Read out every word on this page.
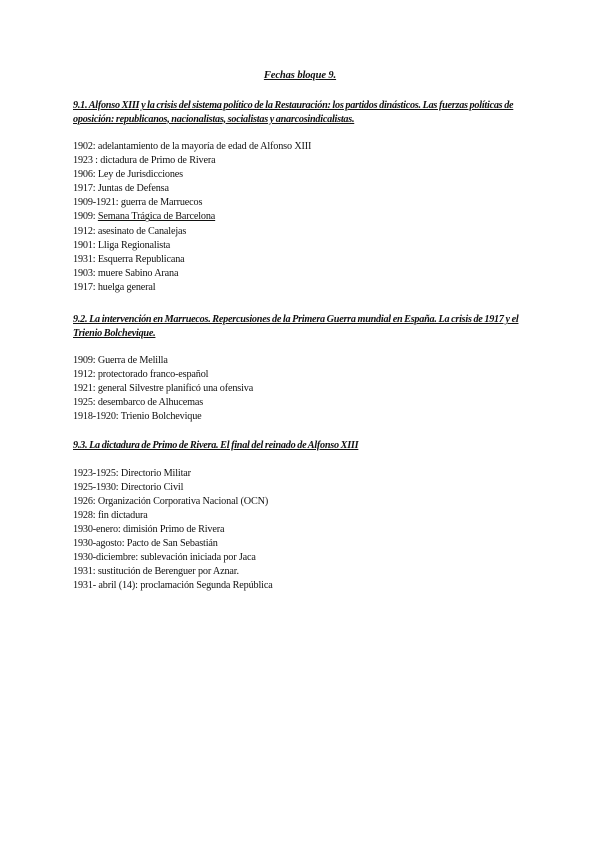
Fechas bloque 9.
9.1. Alfonso XIII y la crisis del sistema político de la Restauración: los partidos dinásticos. Las fuerzas políticas de oposición: republicanos, nacionalistas, socialistas y anarcosindicalistas.
1902: adelantamiento de la mayoría de edad de Alfonso XIII
1923 : dictadura de Primo de Rivera
1906: Ley de Jurisdicciones
1917: Juntas de Defensa
1909-1921: guerra de Marruecos
1909: Semana Trágica de Barcelona
1912: asesinato de Canalejas
1901: Lliga Regionalista
1931: Esquerra Republicana
1903: muere Sabino Arana
1917: huelga general
9.2. La intervención en Marruecos. Repercusiones de la Primera Guerra mundial en España. La crisis de 1917 y el Trienio Bolchevique.
1909: Guerra de Melilla
1912: protectorado franco-español
1921: general Silvestre planificó una ofensiva
1925: desembarco de Alhucemas
1918-1920: Trienio Bolchevique
9.3. La dictadura de Primo de Rivera. El final del reinado de Alfonso XIII
1923-1925: Directorio Militar
1925-1930: Directorio Civil
1926: Organización Corporativa Nacional (OCN)
1928: fin dictadura
1930-enero: dimisión Primo de Rivera
1930-agosto: Pacto de San Sebastián
1930-diciembre: sublevación iniciada por Jaca
1931: sustitución de Berenguer por Aznar.
1931- abril (14): proclamación Segunda República
